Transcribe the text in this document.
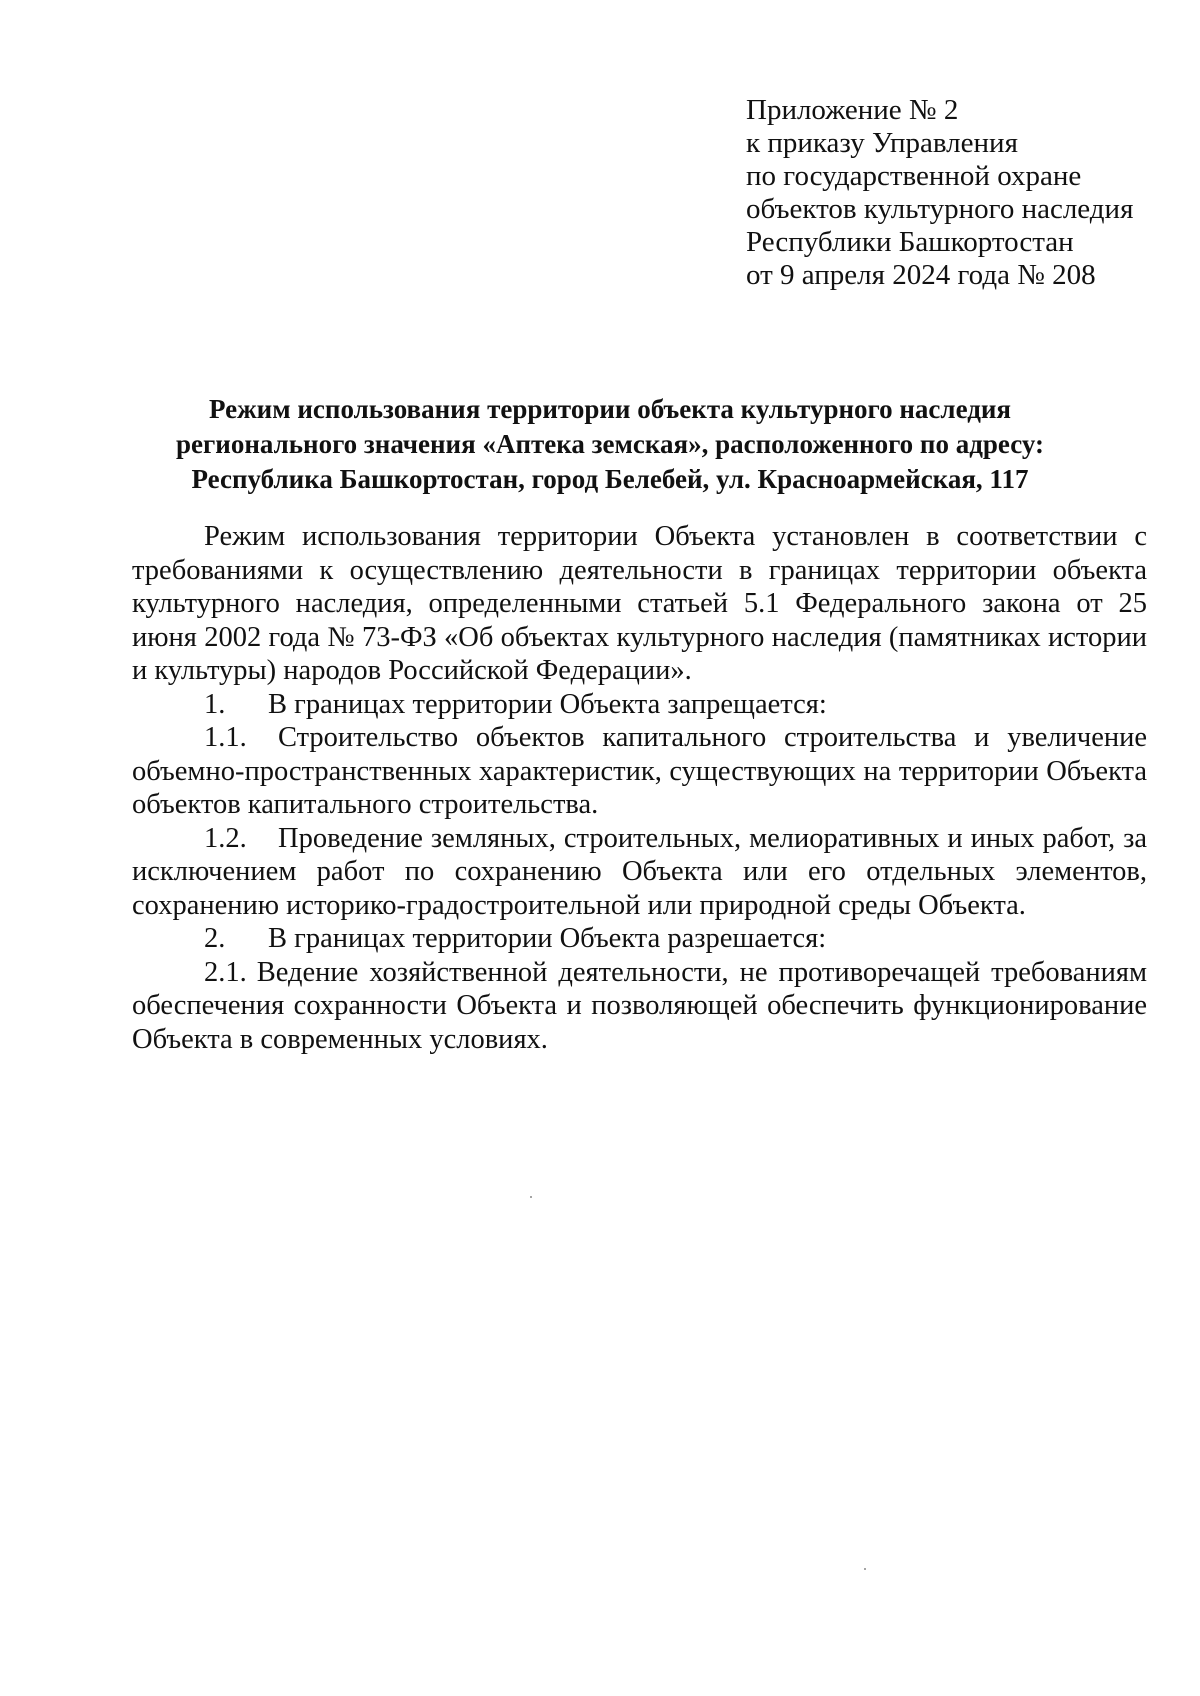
Приложение № 2
к приказу Управления
по государственной охране
объектов культурного наследия
Республики Башкортостан
от 9 апреля 2024 года № 208
Режим использования территории объекта культурного наследия
регионального значения «Аптека земская», расположенного по адресу:
Республика Башкортостан, город Белебей, ул. Красноармейская, 117

Режим использования территории Объекта установлен в соответствии с требованиями к осуществлению деятельности в границах территории объекта культурного наследия, определенными статьей 5.1 Федерального закона от 25 июня 2002 года № 73-ФЗ «Об объектах культурного наследия (памятниках истории и культуры) народов Российской Федерации».

1. В границах территории Объекта запрещается:

1.1. Строительство объектов капитального строительства и увеличение объемно-пространственных характеристик, существующих на территории Объекта объектов капитального строительства.

1.2. Проведение земляных, строительных, мелиоративных и иных работ, за исключением работ по сохранению Объекта или его отдельных элементов, сохранению историко-градостроительной или природной среды Объекта.

2. В границах территории Объекта разрешается:

2.1. Ведение хозяйственной деятельности, не противоречащей требованиям обеспечения сохранности Объекта и позволяющей обеспечить функционирование Объекта в современных условиях.
